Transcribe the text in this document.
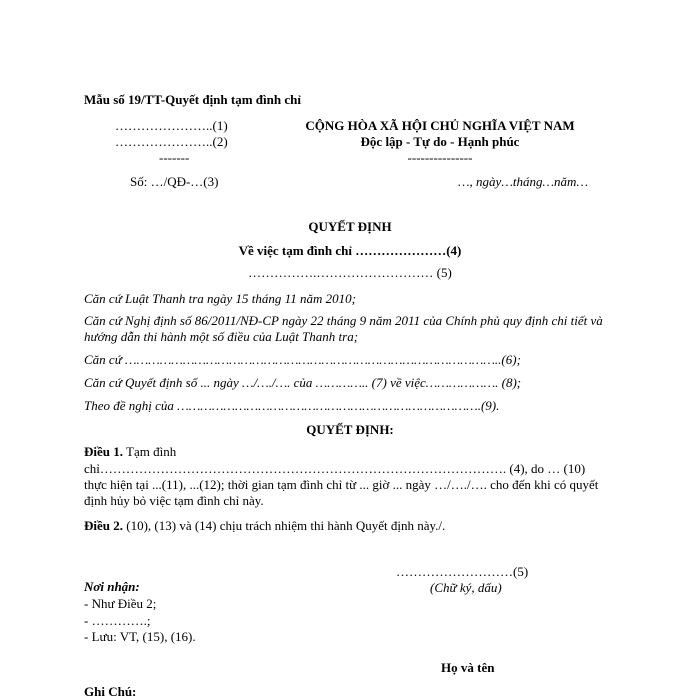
Mẫu số 19/TT-Quyết định tạm đình chỉ
…………………..(1)
…………………..(2)
-------
Số: …/QĐ-…(3)
CỘNG HÒA XÃ HỘI CHỦ NGHĨA VIỆT NAM
Độc lập - Tự do - Hạnh phúc
---------------
…, ngày…tháng…năm…
QUYẾT ĐỊNH
Về việc tạm đình chỉ …………………(4)
…………….……………………… (5)
Căn cứ Luật Thanh tra ngày 15 tháng 11 năm 2010;
Căn cứ Nghị định số 86/2011/NĐ-CP ngày 22 tháng 9 năm 2011 của Chính phủ quy định chi tiết và hướng dẫn thi hành một số điều của Luật Thanh tra;
Căn cứ ……………………………………………………………………………………..(6);
Căn cứ Quyết định số ... ngày …/…./…. của ………….. (7) về việc………………. (8);
Theo đề nghị của …………………………………………………………………….(9).
QUYẾT ĐỊNH:
Điều 1. Tạm đình
chỉ…………………………………………………………………………………. (4), do … (10) thực hiện tại ...(11), ...(12); thời gian tạm đình chỉ từ ... giờ ... ngày …/…./…. cho đến khi có quyết định hủy bỏ việc tạm đình chỉ này.
Điều 2. (10), (13) và (14) chịu trách nhiệm thi hành Quyết định này./.
………………………(5)
(Chữ ký, dấu)
Họ và tên
Nơi nhận:
- Như Điều 2;
- ………….;
- Lưu: VT, (15), (16).
Ghi Chú:
